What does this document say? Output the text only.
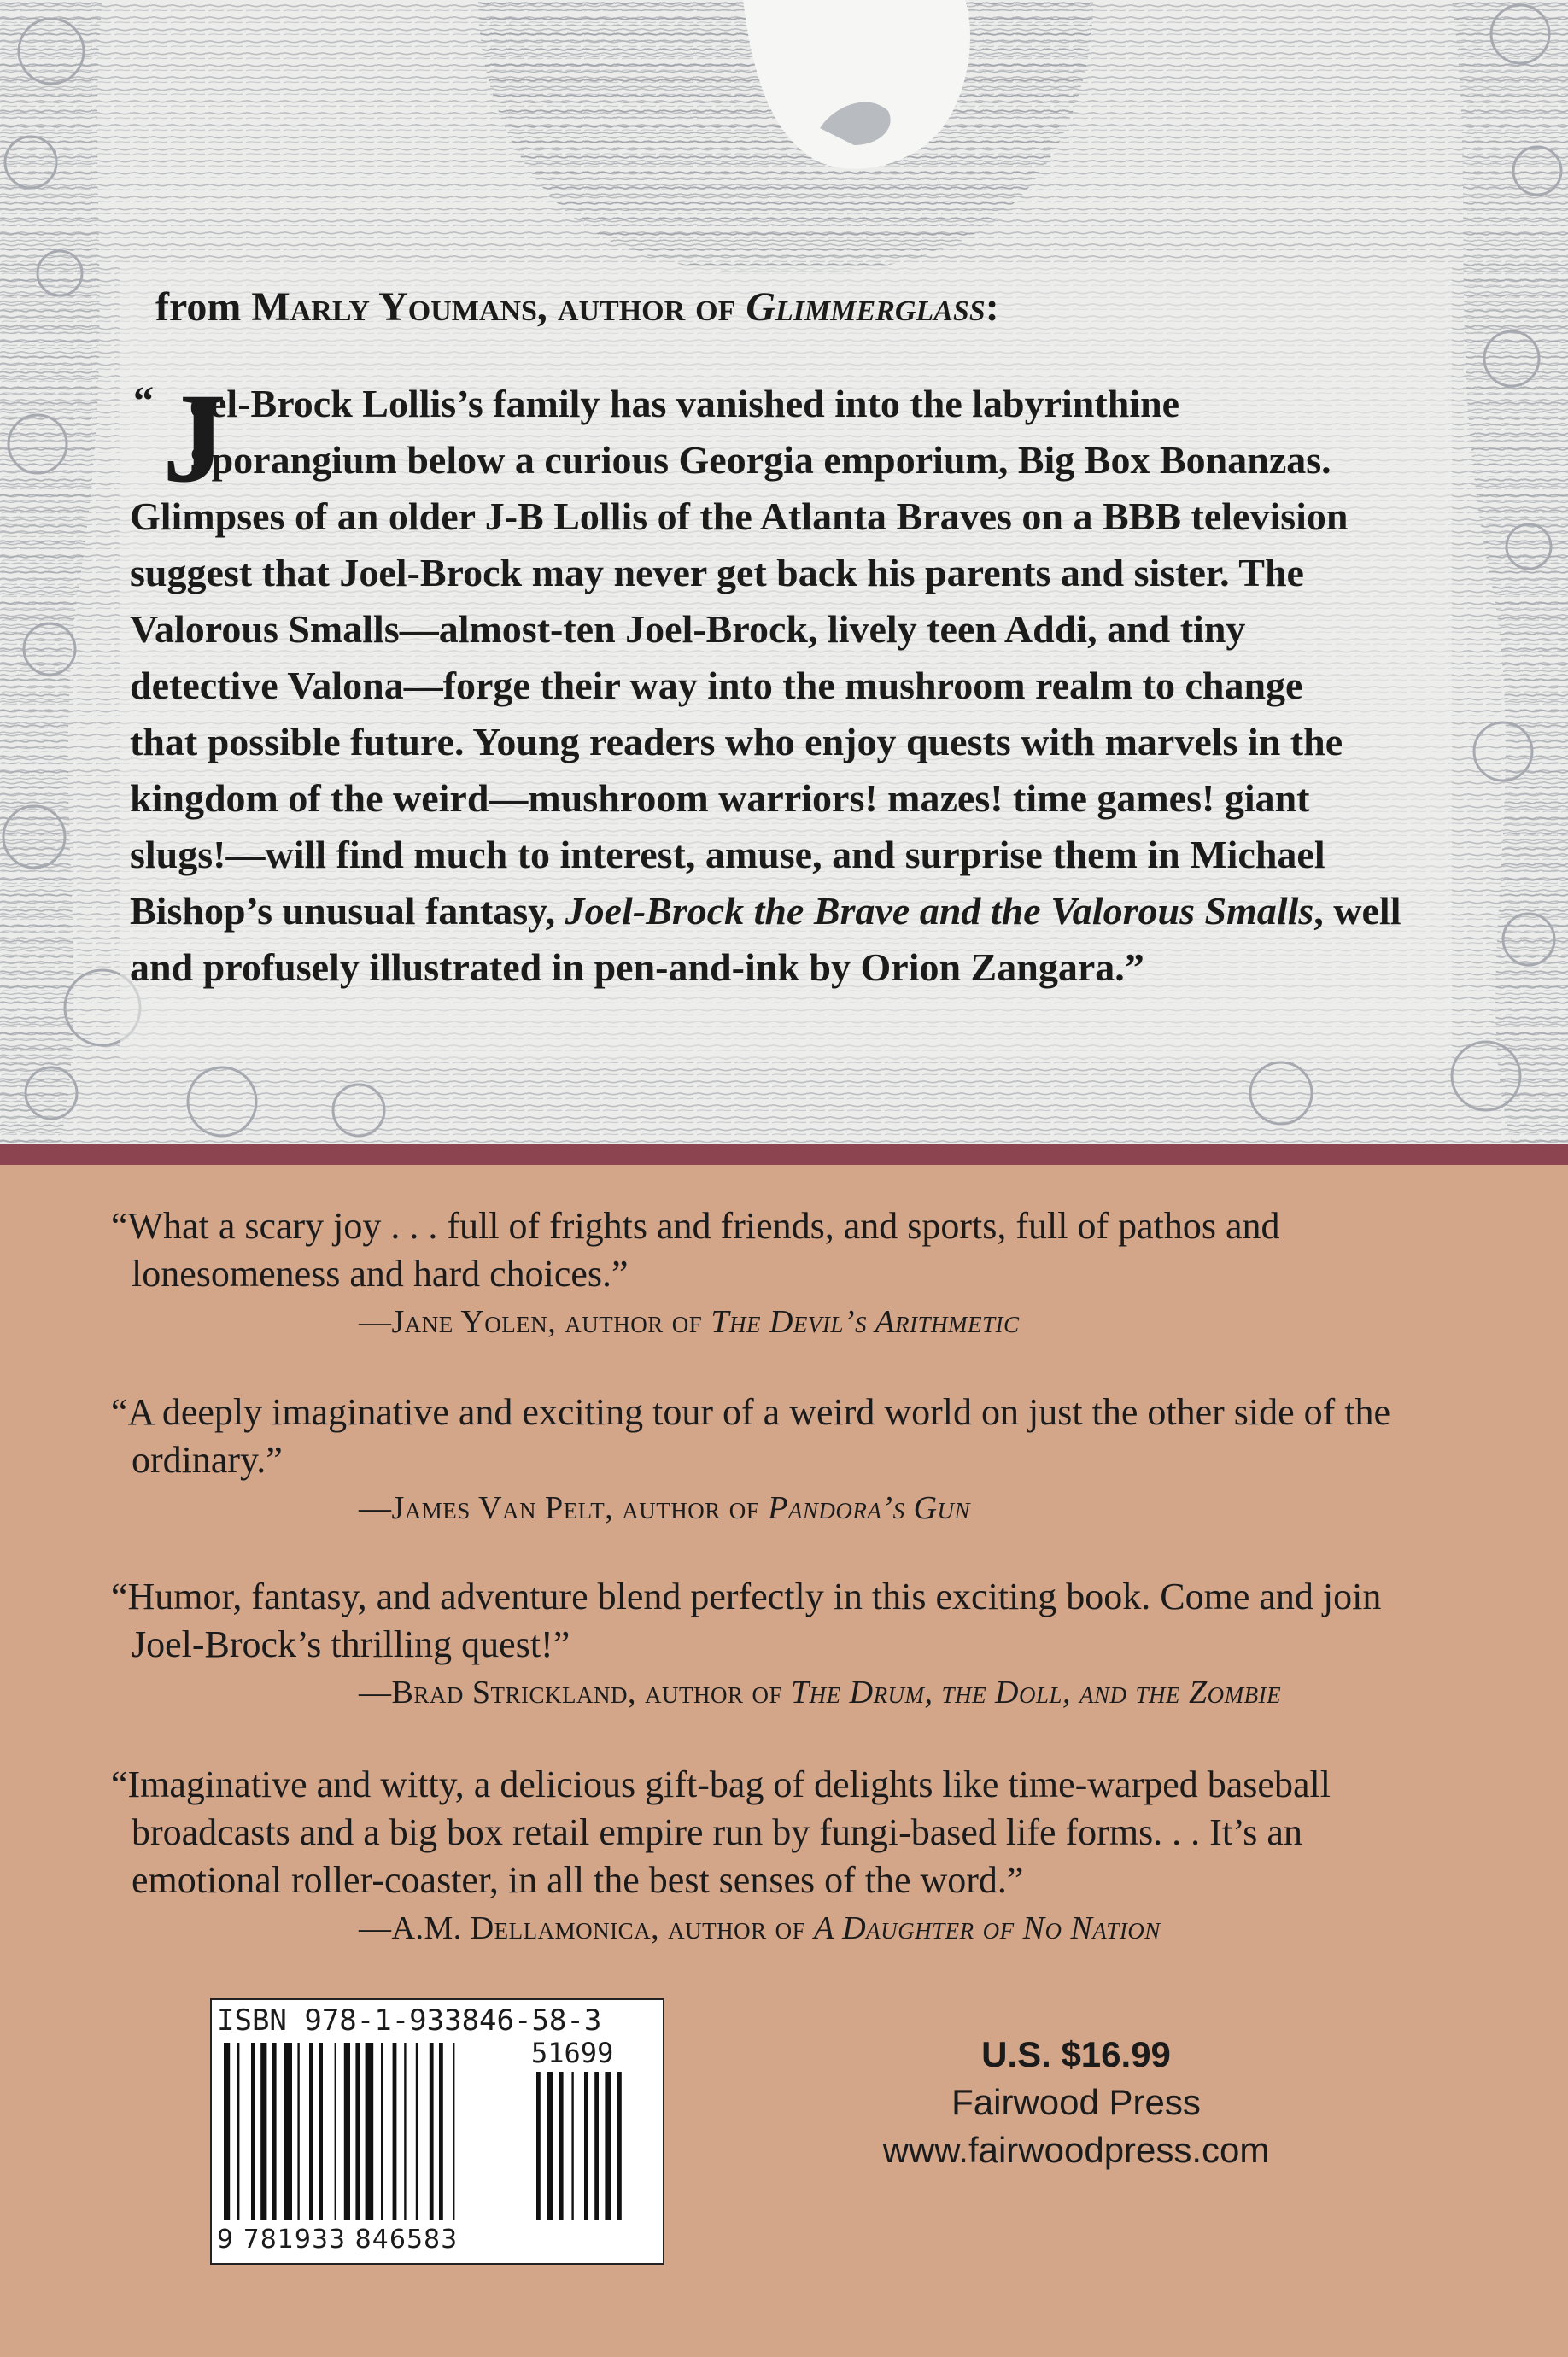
from Marly Youmans, author of Glimmerglass:
“ J
oel-Brock Lollis’s family has vanished into the labyrinthine
Sporangium below a curious Georgia emporium, Big Box Bonanzas.
Glimpses of an older J-B Lollis of the Atlanta Braves on a BBB television
suggest that Joel-Brock may never get back his parents and sister. The
Valorous Smalls—almost-ten Joel-Brock, lively teen Addi, and tiny
detective Valona—forge their way into the mushroom realm to change
that possible future. Young readers who enjoy quests with marvels in the
kingdom of the weird—mushroom warriors! mazes! time games! giant
slugs!—will find much to interest, amuse, and surprise them in Michael
Bishop’s unusual fantasy, Joel-Brock the Brave and the Valorous Smalls, well
and profusely illustrated in pen-and-ink by Orion Zangara.”
“What a scary joy . . . full of frights and friends, and sports, full of pathos and
lonesomeness and hard choices.”
—Jane Yolen, author of The Devil’s Arithmetic
“A deeply imaginative and exciting tour of a weird world on just the other side of the
ordinary.”
—James Van Pelt, author of Pandora’s Gun
“Humor, fantasy, and adventure blend perfectly in this exciting book. Come and join
Joel-Brock’s thrilling quest!”
—Brad Strickland, author of The Drum, the Doll, and the Zombie
“Imaginative and witty, a delicious gift-bag of delights like time-warped baseball
broadcasts and a big box retail empire run by fungi-based life forms. . . It’s an
emotional roller-coaster, in all the best senses of the word.”
—A.M. Dellamonica, author of A Daughter of No Nation
ISBN 978-1-933846-58-3
51699
9 781933 846583
U.S. $16.99
Fairwood Press
www.fairwoodpress.com
